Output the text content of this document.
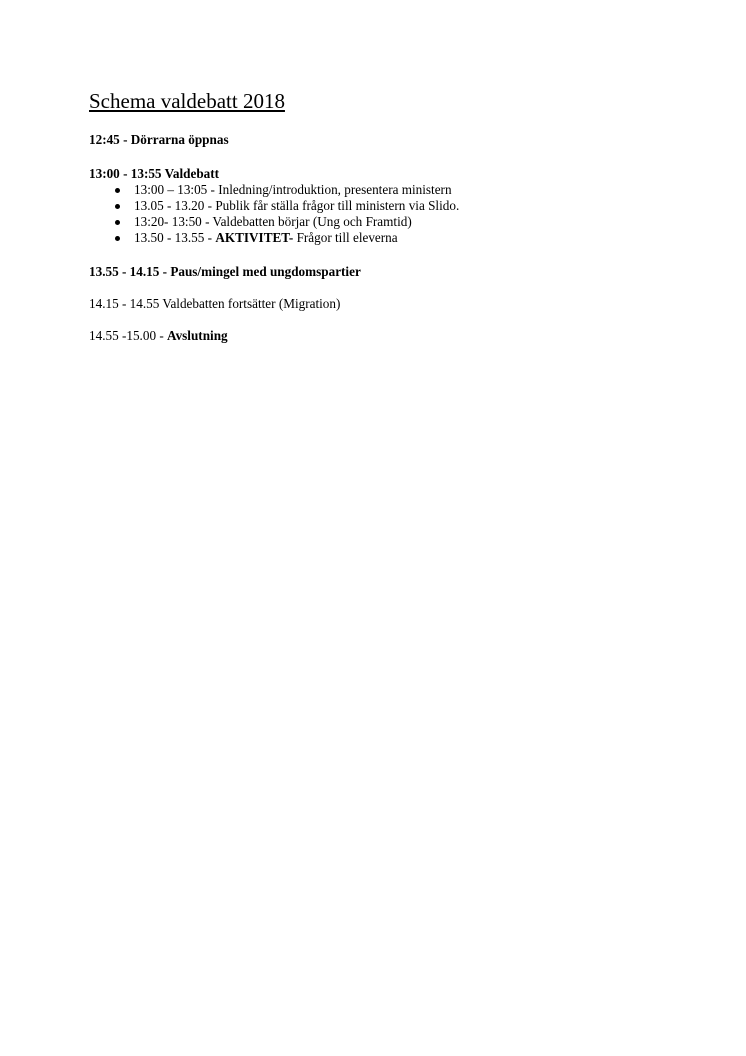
Schema valdebatt 2018

12:45 - Dörrarna öppnas

13:00 - 13:55 Valdebatt

13:00 – 13:05 - Inledning/introduktion, presentera ministern
13.05 - 13.20 - Publik får ställa frågor till ministern via Slido.
13:20- 13:50 - Valdebatten börjar (Ung och Framtid)
13.50 - 13.55 - AKTIVITET- Frågor till eleverna

13.55 - 14.15 - Paus/mingel med ungdomspartier

14.15 - 14.55 Valdebatten fortsätter (Migration)

14.55 -15.00 - Avslutning
